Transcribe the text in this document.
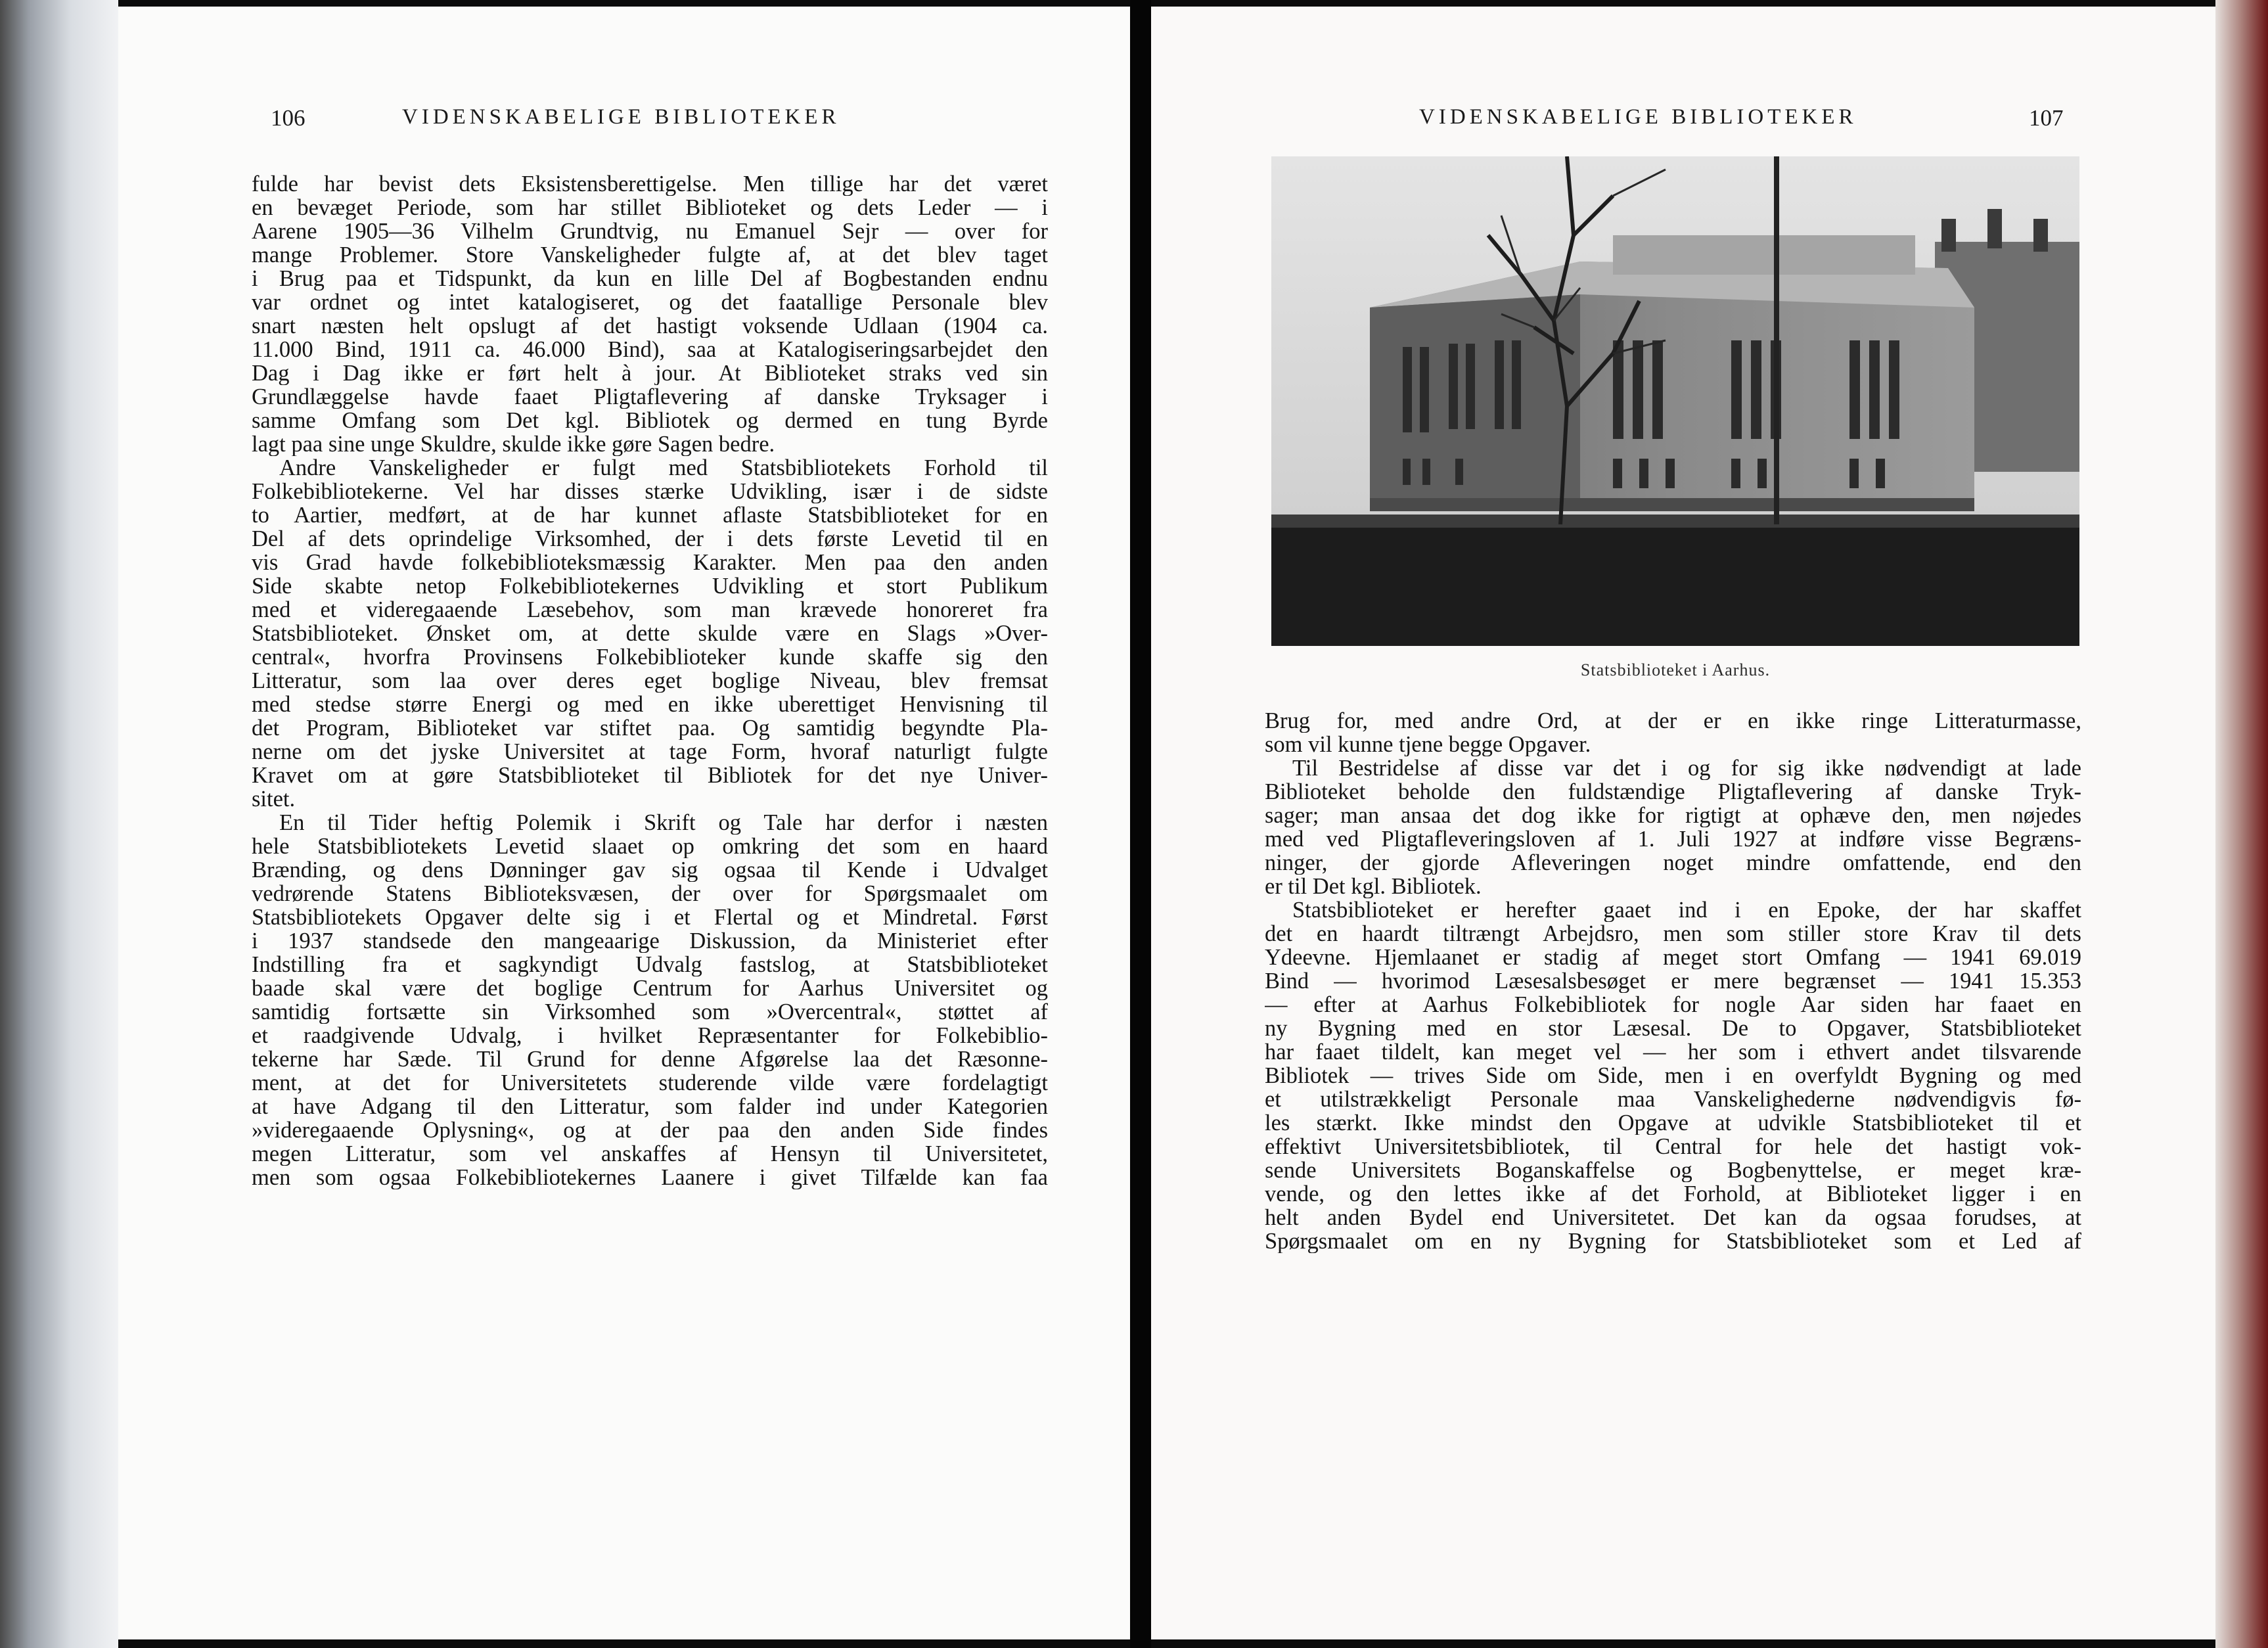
106	VIDENSKABELIGE BIBLIOTEKER
fulde har bevist dets Eksistensberettigelse. Men tillige har det været
en bevæget Periode, som har stillet Biblioteket og dets Leder — i
Aarene 1905—36 Vilhelm Grundtvig, nu Emanuel Sejr — over for
mange Problemer. Store Vanskeligheder fulgte af, at det blev taget
i Brug paa et Tidspunkt, da kun en lille Del af Bogbestanden endnu
var ordnet og intet katalogiseret, og det faatallige Personale blev
snart næsten helt opslugt af det hastigt voksende Udlaan (1904 ca.
11.000 Bind, 1911 ca. 46.000 Bind), saa at Katalogiseringsarbejdet den
Dag i Dag ikke er ført helt à jour. At Biblioteket straks ved sin
Grundlæggelse havde faaet Pligtaflevering af danske Tryksager i
samme Omfang som Det kgl. Bibliotek og dermed en tung Byrde
lagt paa sine unge Skuldre, skulde ikke gøre Sagen bedre.
Andre Vanskeligheder er fulgt med Statsbibliotekets Forhold til
Folkebibliotekerne. Vel har disses stærke Udvikling, især i de sidste
to Aartier, medført, at de har kunnet aflaste Statsbiblioteket for en
Del af dets oprindelige Virksomhed, der i dets første Levetid til en
vis Grad havde folkebiblioteksmæssig Karakter. Men paa den anden
Side skabte netop Folkebibliotekernes Udvikling et stort Publikum
med et videregaaende Læsebehov, som man krævede honoreret fra
Statsbiblioteket. Ønsket om, at dette skulde være en Slags »Over-
central«, hvorfra Provinsens Folkebiblioteker kunde skaffe sig den
Litteratur, som laa over deres eget boglige Niveau, blev fremsat
med stedse større Energi og med en ikke uberettiget Henvisning til
det Program, Biblioteket var stiftet paa. Og samtidig begyndte Pla-
nerne om det jyske Universitet at tage Form, hvoraf naturligt fulgte
Kravet om at gøre Statsbiblioteket til Bibliotek for det nye Univer-
sitet.
En til Tider heftig Polemik i Skrift og Tale har derfor i næsten
hele Statsbibliotekets Levetid slaaet op omkring det som en haard
Brænding, og dens Dønninger gav sig ogsaa til Kende i Udvalget
vedrørende Statens Biblioteksvæsen, der over for Spørgsmaalet om
Statsbibliotekets Opgaver delte sig i et Flertal og et Mindretal. Først
i 1937 standsede den mangeaarige Diskussion, da Ministeriet efter
Indstilling fra et sagkyndigt Udvalg fastslog, at Statsbiblioteket
baade skal være det boglige Centrum for Aarhus Universitet og
samtidig fortsætte sin Virksomhed som »Overcentral«, støttet af
et raadgivende Udvalg, i hvilket Repræsentanter for Folkebiblio-
tekerne har Sæde. Til Grund for denne Afgørelse laa det Ræsonne-
ment, at det for Universitetets studerende vilde være fordelagtigt
at have Adgang til den Litteratur, som falder ind under Kategorien
»videregaaende Oplysning«, og at der paa den anden Side findes
megen Litteratur, som vel anskaffes af Hensyn til Universitetet,
men som ogsaa Folkebibliotekernes Laanere i givet Tilfælde kan faa
VIDENSKABELIGE BIBLIOTEKER	107
Statsbiblioteket i Aarhus.
Brug for, med andre Ord, at der er en ikke ringe Litteraturmasse,
som vil kunne tjene begge Opgaver.
Til Bestridelse af disse var det i og for sig ikke nødvendigt at lade
Biblioteket beholde den fuldstændige Pligtaflevering af danske Tryk-
sager; man ansaa det dog ikke for rigtigt at ophæve den, men nøjedes
med ved Pligtafleveringsloven af 1. Juli 1927 at indføre visse Begræns-
ninger, der gjorde Afleveringen noget mindre omfattende, end den
er til Det kgl. Bibliotek.
Statsbiblioteket er herefter gaaet ind i en Epoke, der har skaffet
det en haardt tiltrængt Arbejdsro, men som stiller store Krav til dets
Ydeevne. Hjemlaanet er stadig af meget stort Omfang — 1941 69.019
Bind — hvorimod Læsesalsbesøget er mere begrænset — 1941 15.353
— efter at Aarhus Folkebibliotek for nogle Aar siden har faaet en
ny Bygning med en stor Læsesal. De to Opgaver, Statsbiblioteket
har faaet tildelt, kan meget vel — her som i ethvert andet tilsvarende
Bibliotek — trives Side om Side, men i en overfyldt Bygning og med
et utilstrækkeligt Personale maa Vanskelighederne nødvendigvis fø-
les stærkt. Ikke mindst den Opgave at udvikle Statsbiblioteket til et
effektivt Universitetsbibliotek, til Central for hele det hastigt vok-
sende Universitets Boganskaffelse og Bogbenyttelse, er meget kræ-
vende, og den lettes ikke af det Forhold, at Biblioteket ligger i en
helt anden Bydel end Universitetet. Det kan da ogsaa forudses, at
Spørgsmaalet om en ny Bygning for Statsbiblioteket som et Led af
